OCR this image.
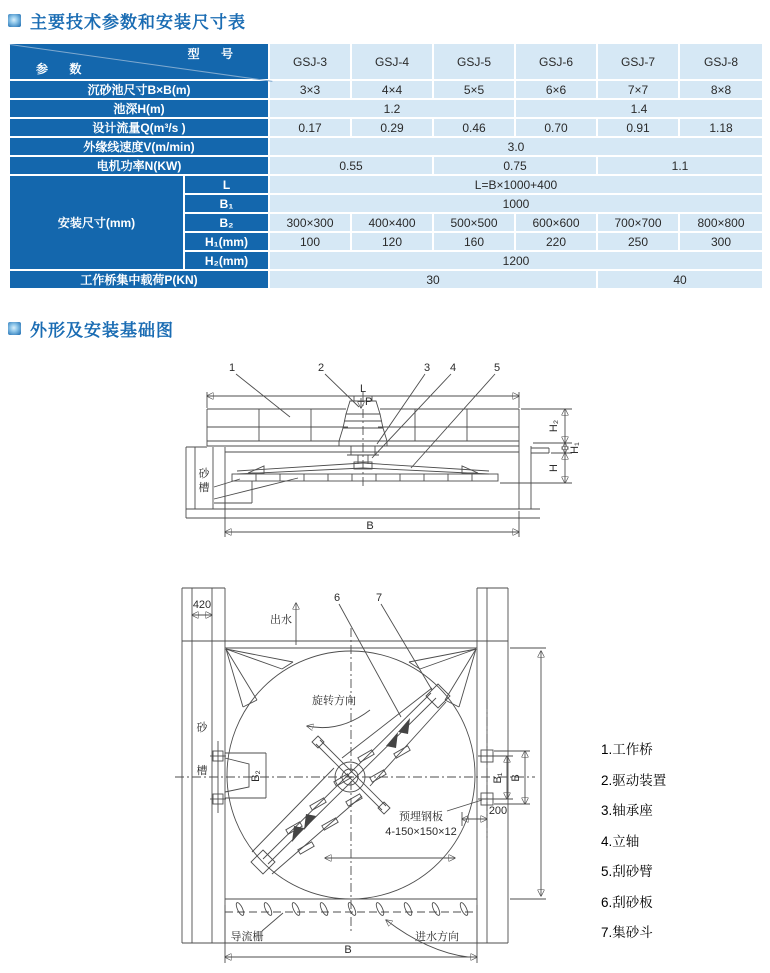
主要技术参数和安装尺寸表
型 号
参 数		GSJ-3	GSJ-4	GSJ-5	GSJ-6	GSJ-7	GSJ-8
沉砂池尺寸B×B(m)		3×3	4×4	5×5	6×6	7×7	8×8
池深H(m)		1.2			1.4		
设计流量Q(m³/s )		0.17	0.29	0.46	0.70	0.91	1.18
外缘线速度V(m/min)		3.0					
电机功率N(KW)		0.55		0.75		1.1	
安装尺寸(mm)	L	L=B×1000+400					
	B₁	1000					
	B₂	300×300	400×400	500×500	600×600	700×700	800×800
	H₁(mm)	100	120	160	220	250	300
	H₂(mm)	1200					
工作桥集中载荷P(KN)		30				40	
外形及安装基础图
砂
槽
L
P
H₂
H₁
H
B
1	2	3 4	5
旋转方向
出水
420
砂
槽	B₂
预埋钢板
4-150×150×12
B₁ B
200
导流栅	进水方向
B
6	7
1.工作桥
2.驱动装置
3.轴承座
4.立轴
5.刮砂臂
6.刮砂板
7.集砂斗
